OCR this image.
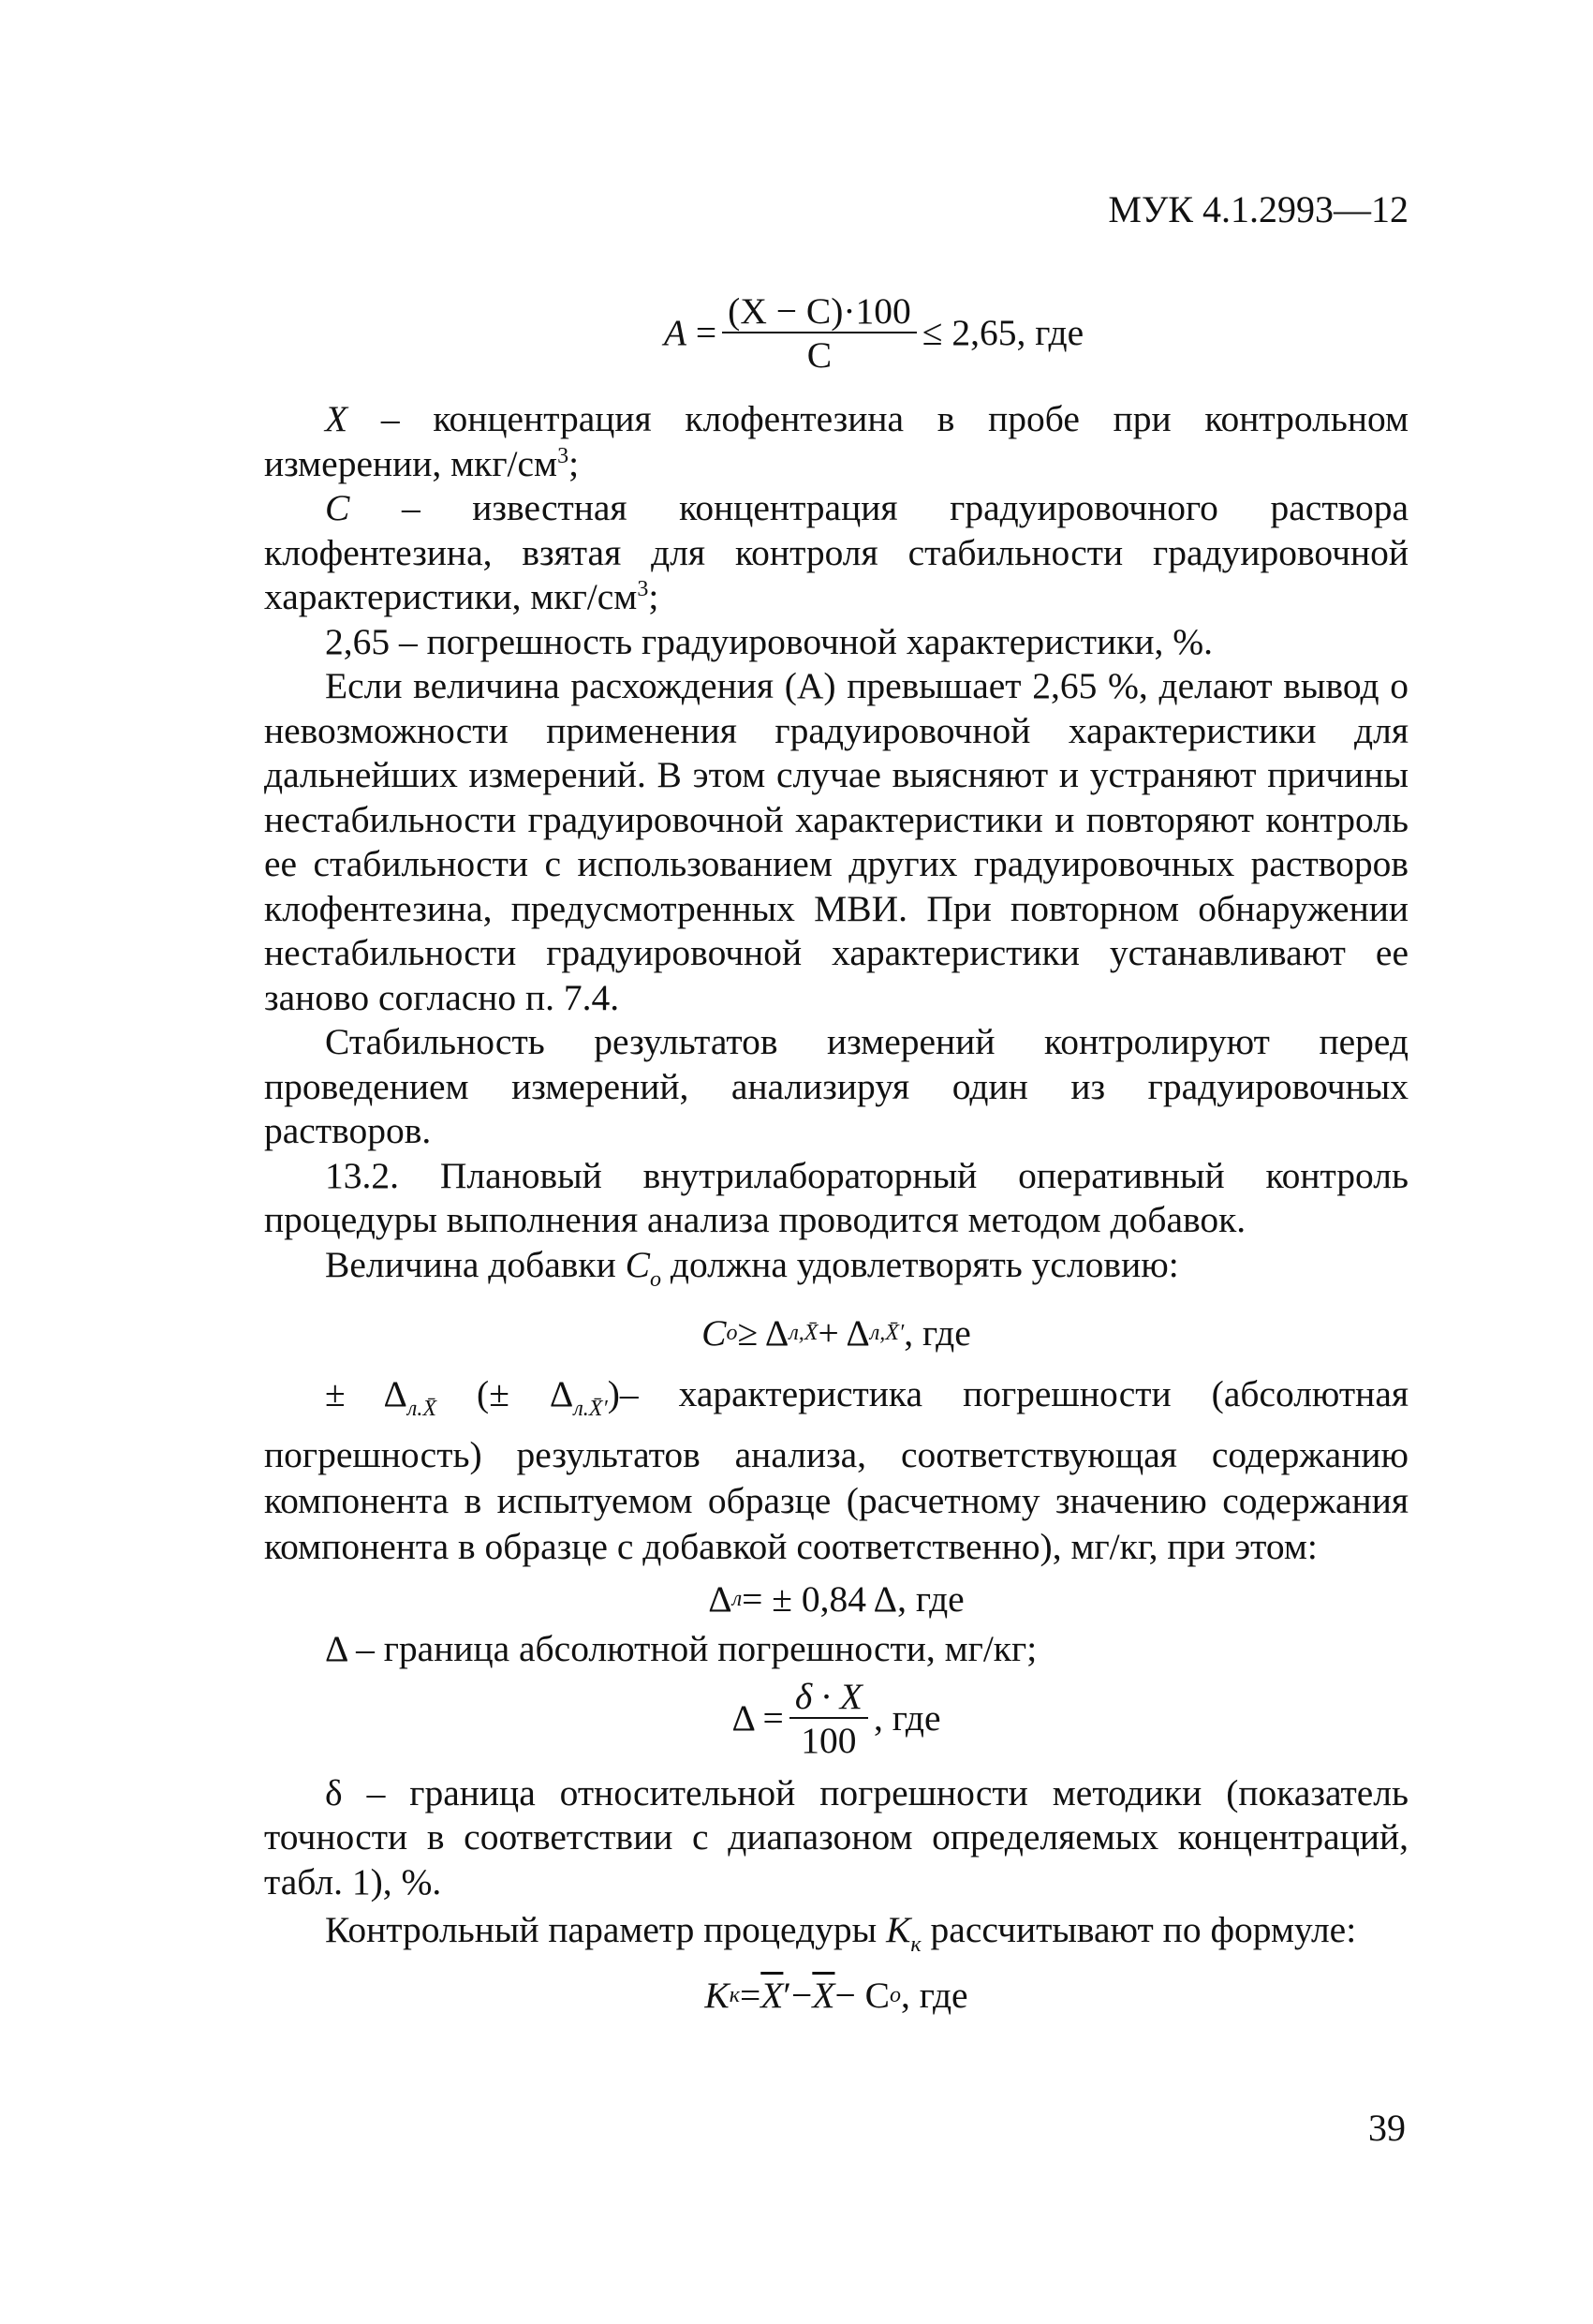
МУК 4.1.2993—12
$A = \frac{(X - C)\cdot 100}{C} \le 2,65$ , где

X – концентрация клофентезина в пробе при контрольном измерении, мкг/$см^3$;

C – известная концентрация градуировочного раствора клофентезина, взятая для контроля стабильности градуировочной характеристики, мкг/$см^3$;

2,65 – погрешность градуировочной характеристики, %.

Если величина расхождения (A) превышает 2,65 %, делают вывод о невозможности применения градуировочной характеристики для дальнейших измерений. В этом случае выясняют и устраняют причины нестабильности градуировочной характеристики и повторяют контроль ее стабильности с использованием других градуировочных растворов клофентезина, предусмотренных МВИ. При повторном обнаружении нестабильности градуировочной характеристики устанавливают ее заново согласно п. 7.4.

Стабильность результатов измерений контролируют перед проведением измерений, анализируя один из градуировочных растворов.

13.2. Плановый внутрилабораторный оперативный контроль процедуры выполнения анализа проводится методом добавок.

Величина добавки $C_o$ должна удовлетворять условию:

C o ≥ Δ л,X̄ + Δ л,X̄′ , где

± $\Delta_{л.X̄}$ (± $\Delta_{л.X̄'})-$ характеристика погрешности (абсолютная погрешность) результатов анализа, соответствующая содержанию компонента в испытуемом образце (расчетному значению содержания компонента в образце с добавкой соответственно), мг/кг, при этом:

Δ л = ± 0,84 Δ, где

Δ – граница абсолютной погрешности, мг/кг;

$\Delta = \frac{\delta \cdot X}{100}$ , где

δ – граница относительной погрешности методики (показатель точности в соответствии с диапазоном определяемых концентраций, табл. 1), %.

Контрольный параметр процедуры $K_к$ рассчитывают по формуле:

K $к = \overline{X}$ ′ − $\overline{X} - C$ o , где
39
